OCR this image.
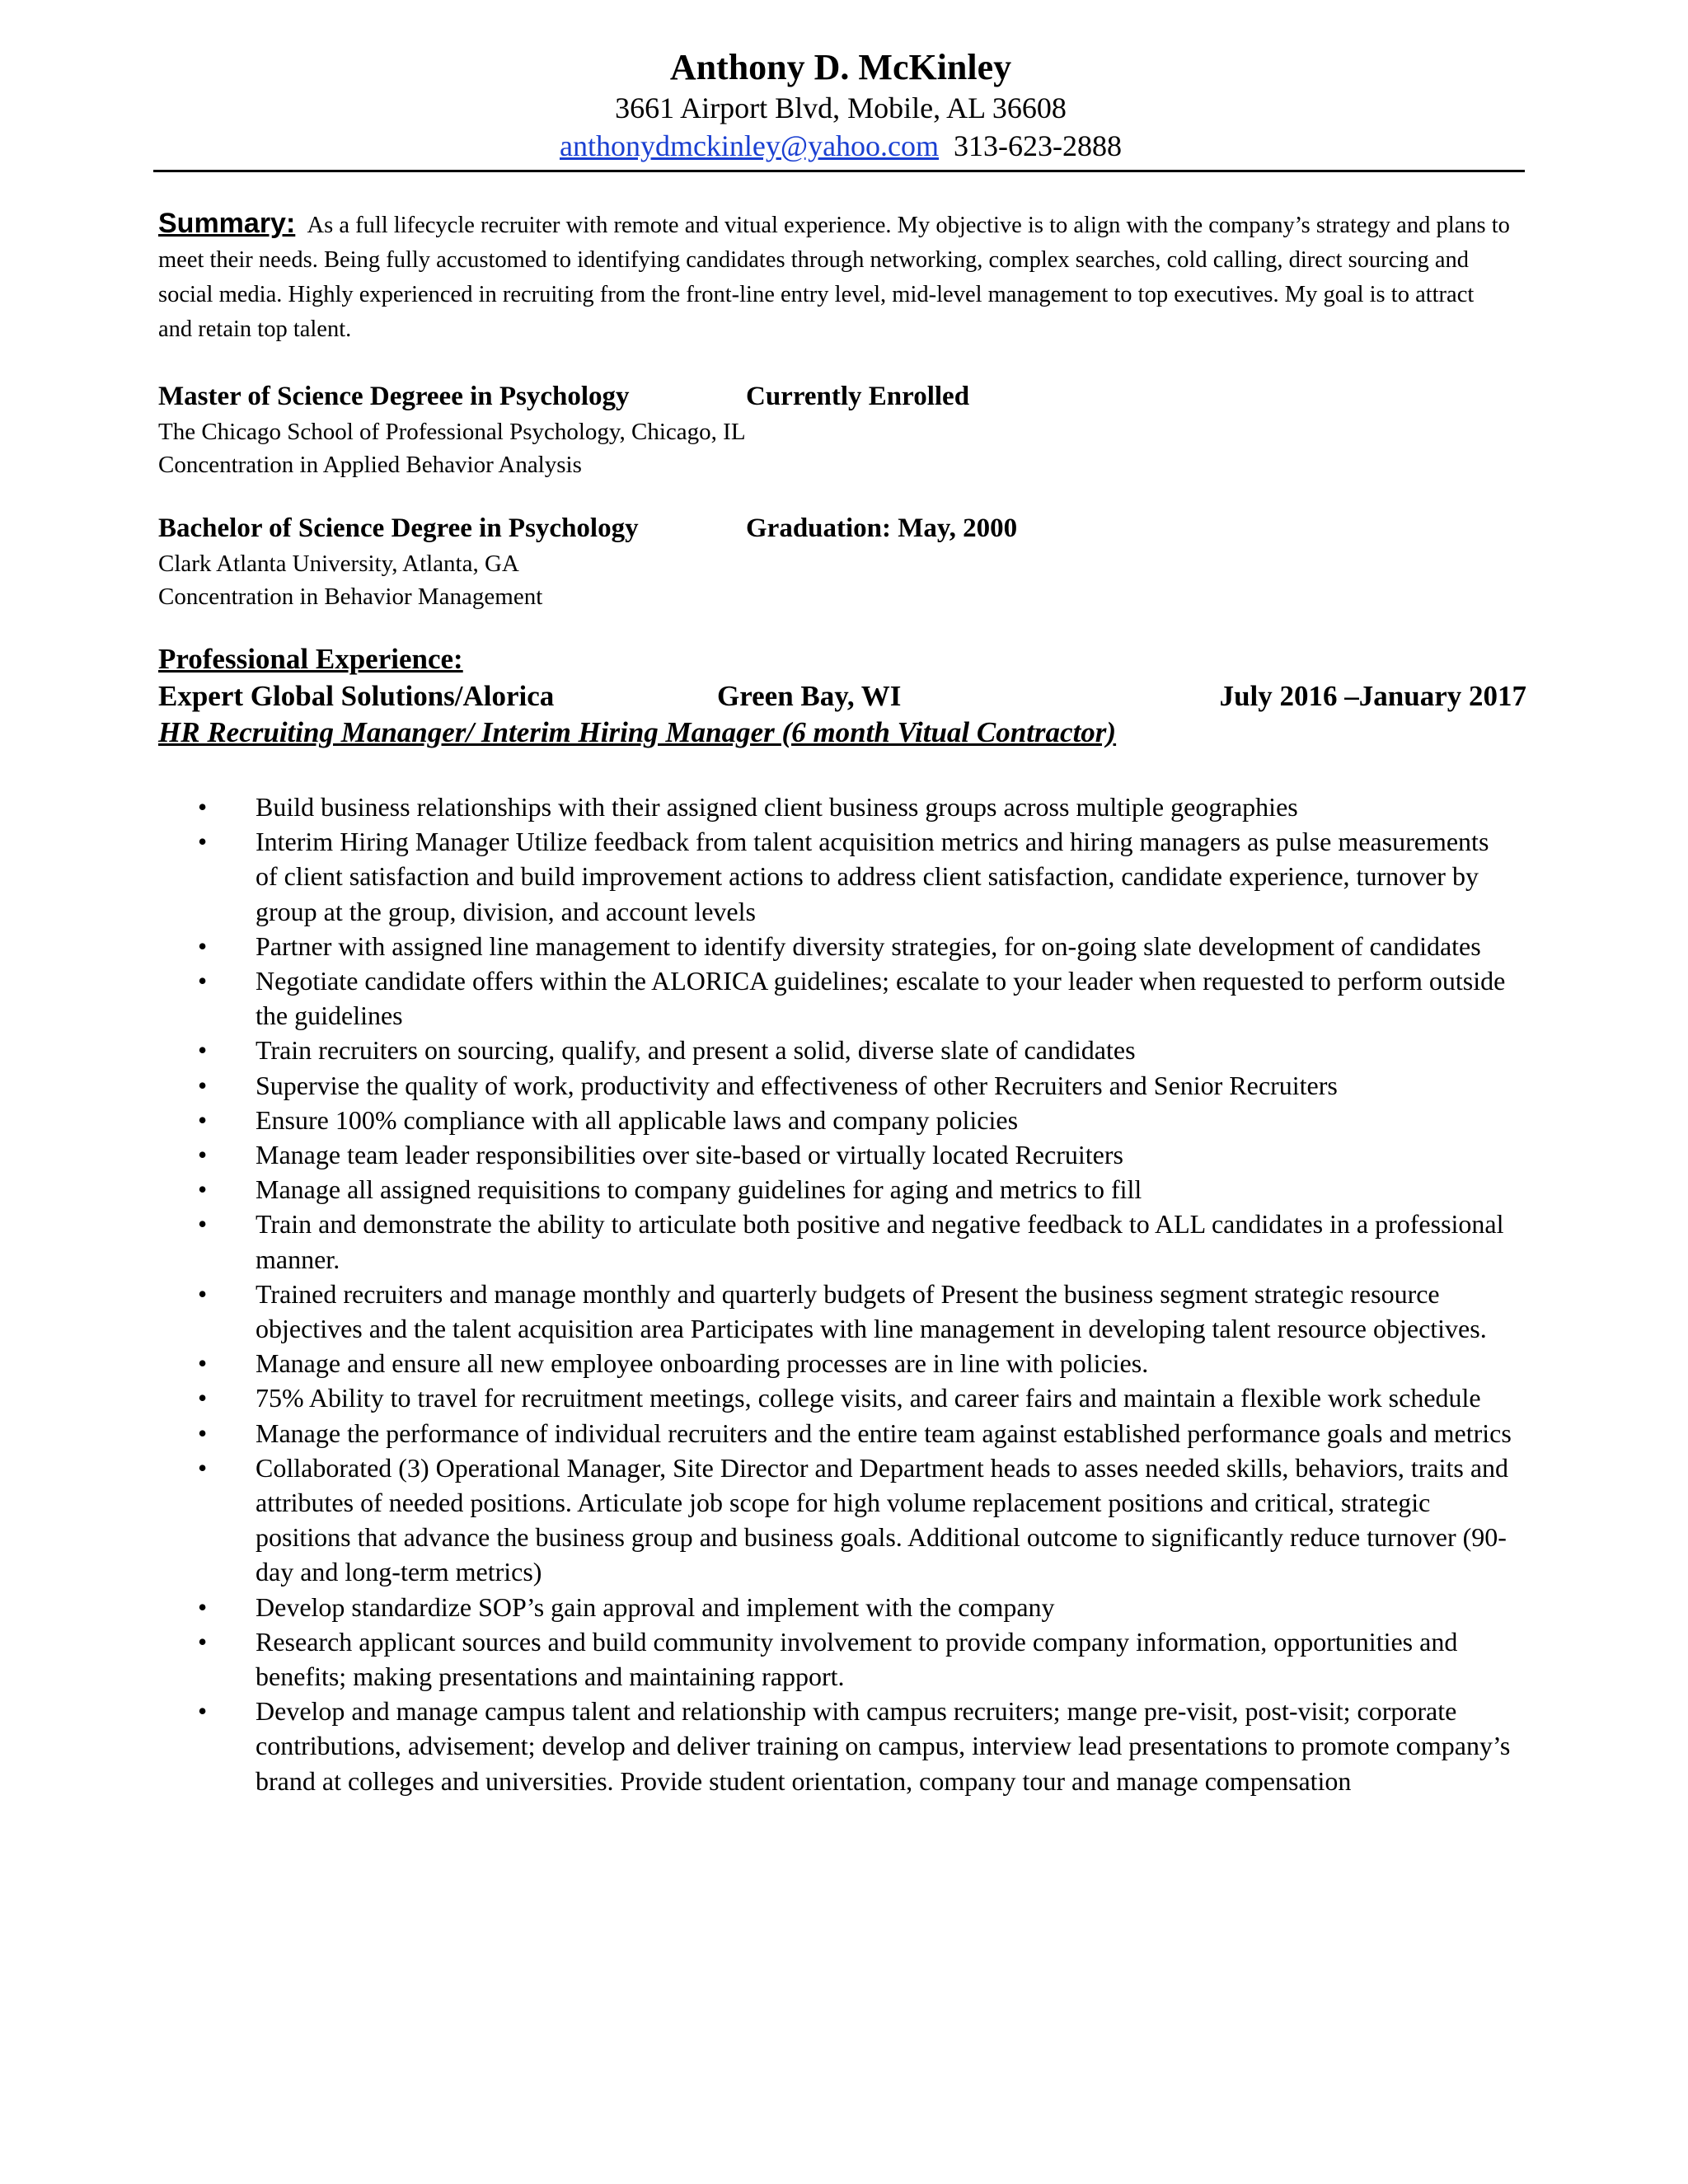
Anthony D. McKinley
3661 Airport Blvd, Mobile, AL 36608
anthonydmckinley@yahoo.com 313-623-2888
Summary: As a full lifecycle recruiter with remote and vitual experience. My objective is to align with the company’s strategy and plans to meet their needs. Being fully accustomed to identifying candidates through networking, complex searches, cold calling, direct sourcing and social media. Highly experienced in recruiting from the front-line entry level, mid-level management to top executives. My goal is to attract and retain top talent.
Master of Science Degreee in Psychology	Currently Enrolled
The Chicago School of Professional Psychology, Chicago, IL
Concentration in Applied Behavior Analysis
Bachelor of Science Degree in Psychology	Graduation: May, 2000
Clark Atlanta University, Atlanta, GA
Concentration in Behavior Management
Professional Experience:
Expert Global Solutions/Alorica	Green Bay, WI	July 2016 –January 2017
HR Recruiting Mananger/ Interim Hiring Manager (6 month Vitual Contractor)
• Build business relationships with their assigned client business groups across multiple geographies
• Interim Hiring Manager Utilize feedback from talent acquisition metrics and hiring managers as pulse measurements of client satisfaction and build improvement actions to address client satisfaction, candidate experience, turnover by group at the group, division, and account levels
• Partner with assigned line management to identify diversity strategies, for on-going slate development of candidates
• Negotiate candidate offers within the ALORICA guidelines; escalate to your leader when requested to perform outside the guidelines
• Train recruiters on sourcing, qualify, and present a solid, diverse slate of candidates
• Supervise the quality of work, productivity and effectiveness of other Recruiters and Senior Recruiters
• Ensure 100% compliance with all applicable laws and company policies
• Manage team leader responsibilities over site-based or virtually located Recruiters
• Manage all assigned requisitions to company guidelines for aging and metrics to fill
• Train and demonstrate the ability to articulate both positive and negative feedback to ALL candidates in a professional manner.
• Trained recruiters and manage monthly and quarterly budgets of Present the business segment strategic resource objectives and the talent acquisition area Participates with line management in developing talent resource objectives.
• Manage and ensure all new employee onboarding processes are in line with policies.
• 75% Ability to travel for recruitment meetings, college visits, and career fairs and maintain a flexible work schedule
• Manage the performance of individual recruiters and the entire team against established performance goals and metrics
• Collaborated (3) Operational Manager, Site Director and Department heads to asses needed skills, behaviors, traits and attributes of needed positions. Articulate job scope for high volume replacement positions and critical, strategic positions that advance the business group and business goals. Additional outcome to significantly reduce turnover (90-day and long-term metrics)
• Develop standardize SOP’s gain approval and implement with the company
• Research applicant sources and build community involvement to provide company information, opportunities and benefits; making presentations and maintaining rapport.
• Develop and manage campus talent and relationship with campus recruiters; mange pre-visit, post-visit; corporate contributions, advisement; develop and deliver training on campus, interview lead presentations to promote company’s brand at colleges and universities. Provide student orientation, company tour and manage compensation
